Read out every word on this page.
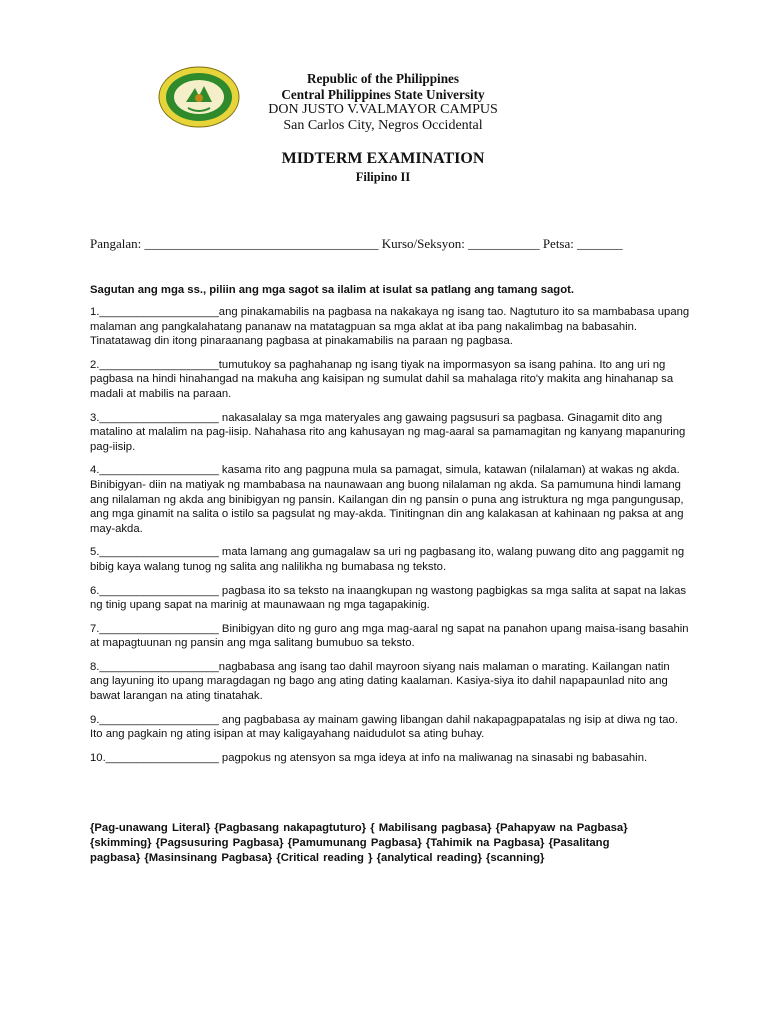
Republic of the Philippines
Central Philippines State University
DON JUSTO V.VALMAYOR CAMPUS
San Carlos City, Negros Occidental
MIDTERM EXAMINATION
Filipino II
Pangalan: ____________________________________ Kurso/Seksyon: ___________ Petsa: _______
Sagutan ang mga ss., piliin ang mga sagot sa ilalim at isulat sa patlang ang tamang sagot.

1.___________________ang pinakamabilis na pagbasa na nakakaya ng isang tao. Nagtuturo ito sa mambabasa upang malaman ang pangkalahatang pananaw na matatagpuan sa mga aklat at iba pang nakalimbag na babasahin. Tinatatawag din itong pinaraanang pagbasa at pinakamabilis na paraan ng pagbasa.

2.___________________tumutukoy sa paghahanap ng isang tiyak na impormasyon sa isang pahina. Ito ang uri ng pagbasa na hindi hinahangad na makuha ang kaisipan ng sumulat dahil sa mahalaga rito'y makita ang hinahanap sa madali at mabilis na paraan.

3.___________________ nakasalalay sa mga materyales ang gawaing pagsusuri sa pagbasa. Ginagamit dito ang matalino at malalim na pag-iisip. Nahahasa rito ang kahusayan ng mag-aaral sa pamamagitan ng kanyang mapanuring pag-iisip.

4.___________________ kasama rito ang pagpuna mula sa pamagat, simula, katawan (nilalaman) at wakas ng akda. Binibigyan- diin na matiyak ng mambabasa na naunawaan ang buong nilalaman ng akda. Sa pamumuna hindi lamang ang nilalaman ng akda ang binibigyan ng pansin. Kailangan din ng pansin o puna ang istruktura ng mga pangungusap, ang mga ginamit na salita o istilo sa pagsulat ng may-akda. Tinitingnan din ang kalakasan at kahinaan ng paksa at ang may-akda.

5.___________________ mata lamang ang gumagalaw sa uri ng pagbasang ito, walang puwang dito ang paggamit ng bibig kaya walang tunog ng salita ang nalilikha ng bumabasa ng teksto.

6.___________________ pagbasa ito sa teksto na inaangkupan ng wastong pagbigkas sa mga salita at sapat na lakas ng tinig upang sapat na marinig at maunawaan ng mga tagapakinig.

7.___________________ Binibigyan dito ng guro ang mga mag-aaral ng sapat na panahon upang maisa-isang basahin at mapagtuunan ng pansin ang mga salitang bumubuo sa teksto.

8.___________________nagbabasa ang isang tao dahil mayroon siyang nais malaman o marating. Kailangan natin ang layuning ito upang maragdagan ng bago ang ating dating kaalaman. Kasiya-siya ito dahil napapaunlad nito ang bawat larangan na ating tinatahak.

9.___________________ ang pagbabasa ay mainam gawing libangan dahil nakapagpapatalas ng isip at diwa ng tao. Ito ang pagkain ng ating isipan at may kaligayahang naidudulot sa ating buhay.

10.__________________ pagpokus ng atensyon sa mga ideya at info na maliwanag na sinasabi ng babasahin.

{Pag-unawang Literal} {Pagbasang nakapagtuturo} { Mabilisang pagbasa} {Pahapyaw na Pagbasa} {skimming} {Pagsusuring Pagbasa} {Pamumunang Pagbasa} {Tahimik na Pagbasa} {Pasalitang pagbasa} {Masinsinang Pagbasa} {Critical reading } {analytical reading} {scanning}
